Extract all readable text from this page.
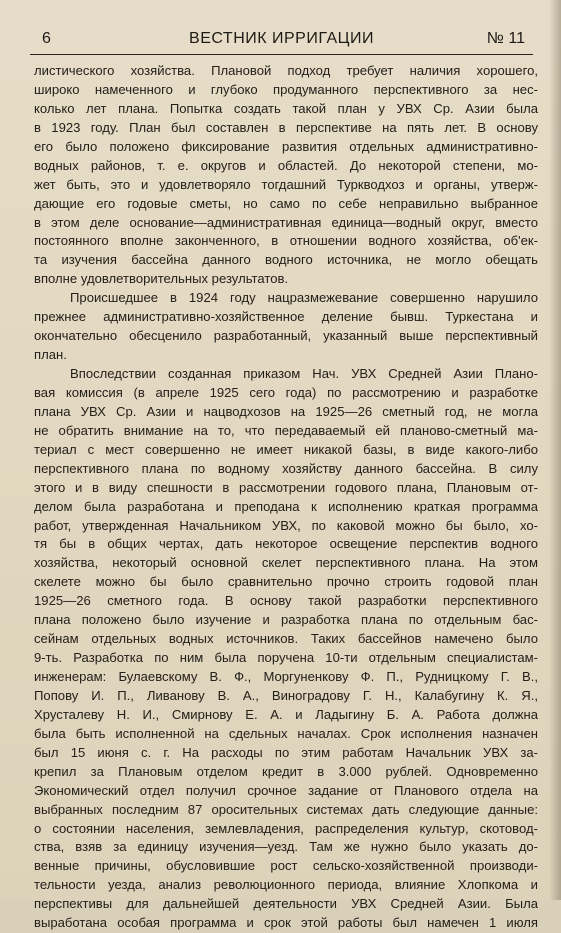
6	ВЕСТНИК ИРРИГАЦИИ	№ 11
листического хозяйства. Плановой подход требует наличия хорошего,
широко намеченного и глубоко продуманного перспективного за нес-
колько лет плана. Попытка создать такой план у УВХ Ср. Азии была
в 1923 году. План был составлен в перспективе на пять лет. В основу
его было положено фиксирование развития отдельных административно-
водных районов, т. е. округов и областей. До некоторой степени, мо-
жет быть, это и удовлетворяло тогдашний Туркводхоз и органы, утверж-
дающие его годовые сметы, но само по себе неправильно выбранное
в этом деле основание—административная единица—водный округ, вместо
постоянного вполне законченного, в отношении водного хозяйства, об'ек-
та изучения бассейна данного водного источника, не могло обещать
вполне удовлетворительных результатов.
Происшедшее в 1924 году нацразмежевание совершенно нарушило
прежнее административно-хозяйственное деление бывш. Туркестана и
окончательно обесценило разработанный, указанный выше перспективный
план.
Впоследствии созданная приказом Нач. УВХ Средней Азии Плано-
вая комиссия (в апреле 1925 сего года) по рассмотрению и разработке
плана УВХ Ср. Азии и нацводхозов на 1925—26 сметный год, не могла
не обратить внимание на то, что передаваемый ей планово-сметный ма-
териал с мест совершенно не имеет никакой базы, в виде какого-либо
перспективного плана по водному хозяйству данного бассейна. В силу
этого и в виду спешности в рассмотрении годового плана, Плановым от-
делом была разработана и преподана к исполнению краткая программа
работ, утвержденная Начальником УВХ, по каковой можно бы было, хо-
тя бы в общих чертах, дать некоторое освещение перспектив водного
хозяйства, некоторый основной скелет перспективного плана. На этом
скелете можно бы было сравнительно прочно строить годовой план
1925—26 сметного года. В основу такой разработки перспективного
плана положено было изучение и разработка плана по отдельным бас-
сейнам отдельных водных источников. Таких бассейнов намечено было
9-ть. Разработка по ним была поручена 10-ти отдельным специалистам-
инженерам: Булаевскому В. Ф., Моргуненкову Ф. П., Рудницкому Г. В.,
Попову И. П., Ливанову В. А., Виноградову Г. Н., Калабугину К. Я.,
Хрусталеву Н. И., Смирнову Е. А. и Ладыгину Б. А. Работа должна
была быть исполненной на сдельных началах. Срок исполнения назначен
был 15 июня с. г. На расходы по этим работам Начальник УВХ за-
крепил за Плановым отделом кредит в 3.000 рублей. Одновременно
Экономический отдел получил срочное задание от Планового отдела на
выбранных последним 87 оросительных системах дать следующие данные:
о состоянии населения, землевладения, распределения культур, скотовод-
ства, взяв за единицу изучения—уезд. Там же нужно было указать до-
венные причины, обусловившие рост сельско-хозяйственной производи-
тельности уезда, анализ революционного периода, влияние Хлопкома и
перспективы для дальнейшей деятельности УВХ Средней Азии. Была
выработана особая программа и срок этой работы был намечен 1 июля
